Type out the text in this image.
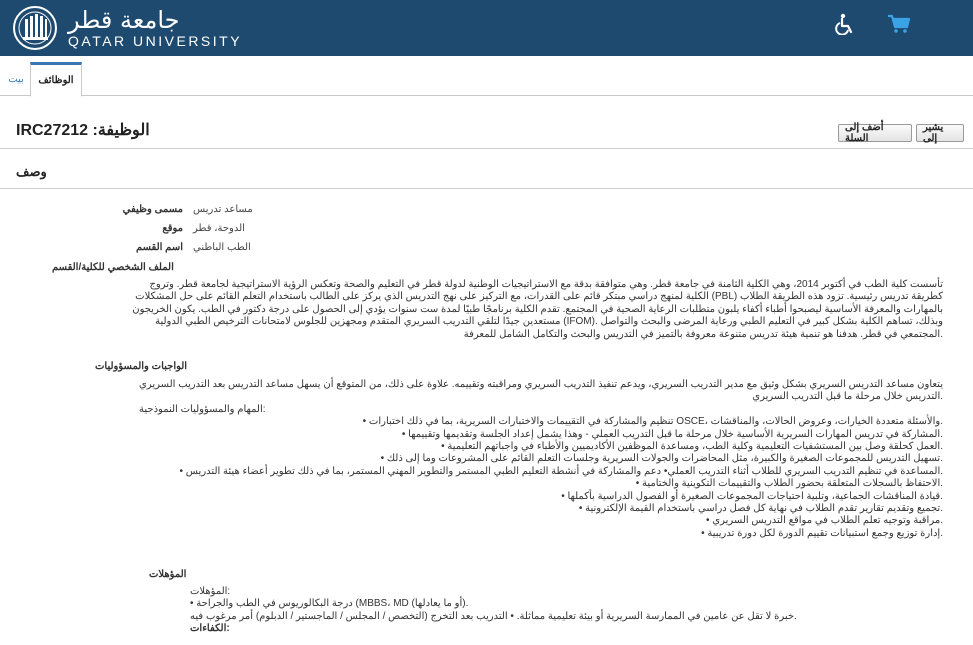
جامعة قطر
QATAR UNIVERSITY
بيت	الوظائف
الوظيفة: IRC27212	أضف إلى السلة
يشير إلى
وصف
مسمى وظيفي مساعد تدريس
موقع الدوحة، قطر
اسم القسم الطب الباطني
الملف الشخصي للكلية/القسم
تأسست كلية الطب في أكتوبر 2014، وهي الكلية الثامنة في جامعة قطر. وهي متوافقة بدقة مع الاستراتيجيات الوطنية لدولة قطر في التعليم والصحة وتعكس الرؤية الاستراتيجية لجامعة قطر. وتروج
كطريقة تدريس رئيسية. تزود هذه الطريقة الطلاب (PBL) الكلية لمنهج دراسي مبتكر قائم على القدرات، مع التركيز على نهج التدريس الذي يركز على الطالب باستخدام التعلم القائم على حل المشكلات
بالمهارات والمعرفة الأساسية ليصبحوا أطباء أكفاء يلبون متطلبات الرعاية الصحية في المجتمع. تقدم الكلية برنامجًا طبيًا لمدة ست سنوات يؤدي إلى الحصول على درجة دكتور في الطب. يكون الخريجون
وبذلك، تساهم الكلية بشكل كبير في التعليم الطبي ورعاية المرضى والبحث والتواصل .(IFOM) مستعدين جيدًا لتلقي التدريب السريري المتقدم ومجهزين للجلوس لامتحانات الترخيص الطبي الدولية
.المجتمعي في قطر. هدفنا هو تنمية هيئة تدريس متنوعة معروفة بالتميز في التدريس والبحث والتكامل الشامل للمعرفة
الواجبات والمسؤوليات
يتعاون مساعد التدريس السريري بشكل وثيق مع مدير التدريب السريري، ويدعم تنفيذ التدريب السريري ومراقبته وتقييمه. علاوة على ذلك، من المتوقع أن يسهل مساعد التدريس بعد التدريب السريري
.التدريس خلال مرحلة ما قبل التدريب السريري
:المهام والمسؤوليات النموذجية
.والأسئلة متعددة الخيارات، وعروض الحالات، والمناقشات ،OSCE تنظيم والمشاركة في التقييمات والاختبارات السريرية، بما في ذلك اختبارات •
.المشاركة في تدريس المهارات السريرية الأساسية خلال مرحلة ما قبل التدريب العملي - وهذا يشمل إعداد الجلسة وتقديمها وتقييمها •
.العمل كحلقة وصل بين المستشفيات التعليمية وكلية الطب، ومساعدة الموظفين الأكاديميين والأطباء في واجباتهم التعليمية •
.تسهيل التدريس للمجموعات الصغيرة والكبيرة، مثل المحاضرات والجولات السريرية وجلسات التعلم القائم على المشروعات وما إلى ذلك •
.المساعدة في تنظيم التدريب السريري للطلاب أثناء التدريب العملي• دعم والمشاركة في أنشطة التعليم الطبي المستمر والتطوير المهني المستمر، بما في ذلك تطوير أعضاء هيئة التدريس •
.الاحتفاظ بالسجلات المتعلقة بحضور الطلاب والتقييمات التكوينية والختامية •
.قيادة المناقشات الجماعية، وتلبية احتياجات المجموعات الصغيرة أو الفصول الدراسية بأكملها •
.تجميع وتقديم تقارير تقدم الطلاب في نهاية كل فصل دراسي باستخدام القيمة الإلكترونية •
.مراقبة وتوجيه تعلم الطلاب في مواقع التدريس السريري •
.إدارة توزيع وجمع استبيانات تقييم الدورة لكل دورة تدريبية •
المؤهلات
:المؤهلات
.(أو ما يعادلها) MBBS، MD) درجة البكالوريوس في الطب والجراحة •
.خبرة لا تقل عن عامين في الممارسة السريرية أو بيئة تعليمية مماثلة. • التدريب بعد التخرج (التخصص / المجلس / الماجستير / الدبلوم) أمر مرغوب فيه
:الكفاءات
